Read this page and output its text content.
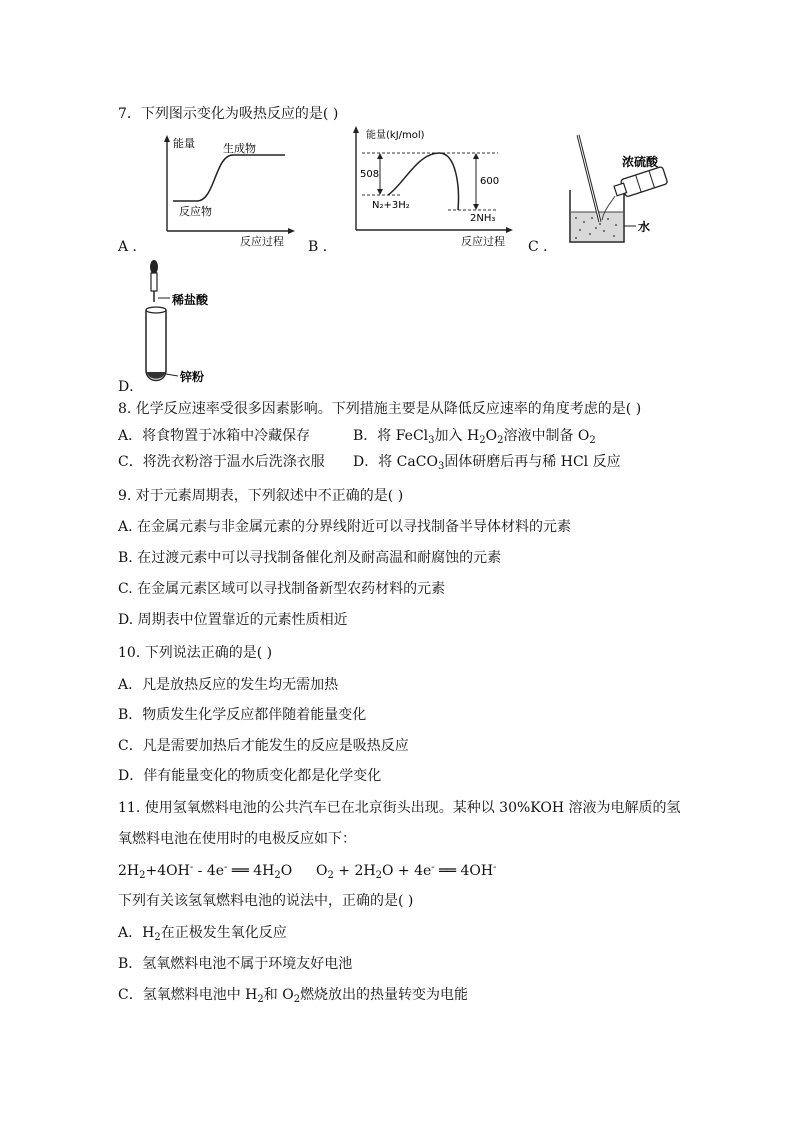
7．下列图示变化为吸热反应的是( )
能量	生成物
反应物
反应过程
能量(kJ/mol)
508
600
N₂+3H₂
2NH₃
反应过程
浓硫酸
水
A ．	B ．	C ．
稀盐酸
锌粉
D．
8. 化学反应速率受很多因素影响。下列措施主要是从降低反应速率的角度考虑的是( )
A．将食物置于冰箱中冷藏保存	B．将 FeCl$_3$加入 $H_2O_2$溶液中制备 $O_2$
C．将洗衣粉溶于温水后洗涤衣服 D．将 CaCO$_3$固体研磨后再与稀 HCl 反应
9. 对于元素周期表，下列叙述中不正确的是( )
A. 在金属元素与非金属元素的分界线附近可以寻找制备半导体材料的元素
B. 在过渡元素中可以寻找制备催化剂及耐高温和耐腐蚀的元素
C. 在金属元素区域可以寻找制备新型农药材料的元素
D. 周期表中位置靠近的元素性质相近
10. 下列说法正确的是( )
A．凡是放热反应的发生均无需加热
B．物质发生化学反应都伴随着能量变化
C．凡是需要加热后才能发生的反应是吸热反应
D．伴有能量变化的物质变化都是化学变化
11. 使用氢氧燃料电池的公共汽车已在北京街头出现。某种以 30%KOH 溶液为电解质的氢
氧燃料电池在使用时的电极反应如下：
$2H_2+4OH^- - 4e^-$ ══ $4H_2O$ $O_2 + 2H_2O + 4e^-$ ══ 4OH-
下列有关该氢氧燃料电池的说法中，正确的是( )
A．$H_2$在正极发生氧化反应
B．氢氧燃料电池不属于环境友好电池
C．氢氧燃料电池中 $H_2$和 $O_2$燃烧放出的热量转变为电能
